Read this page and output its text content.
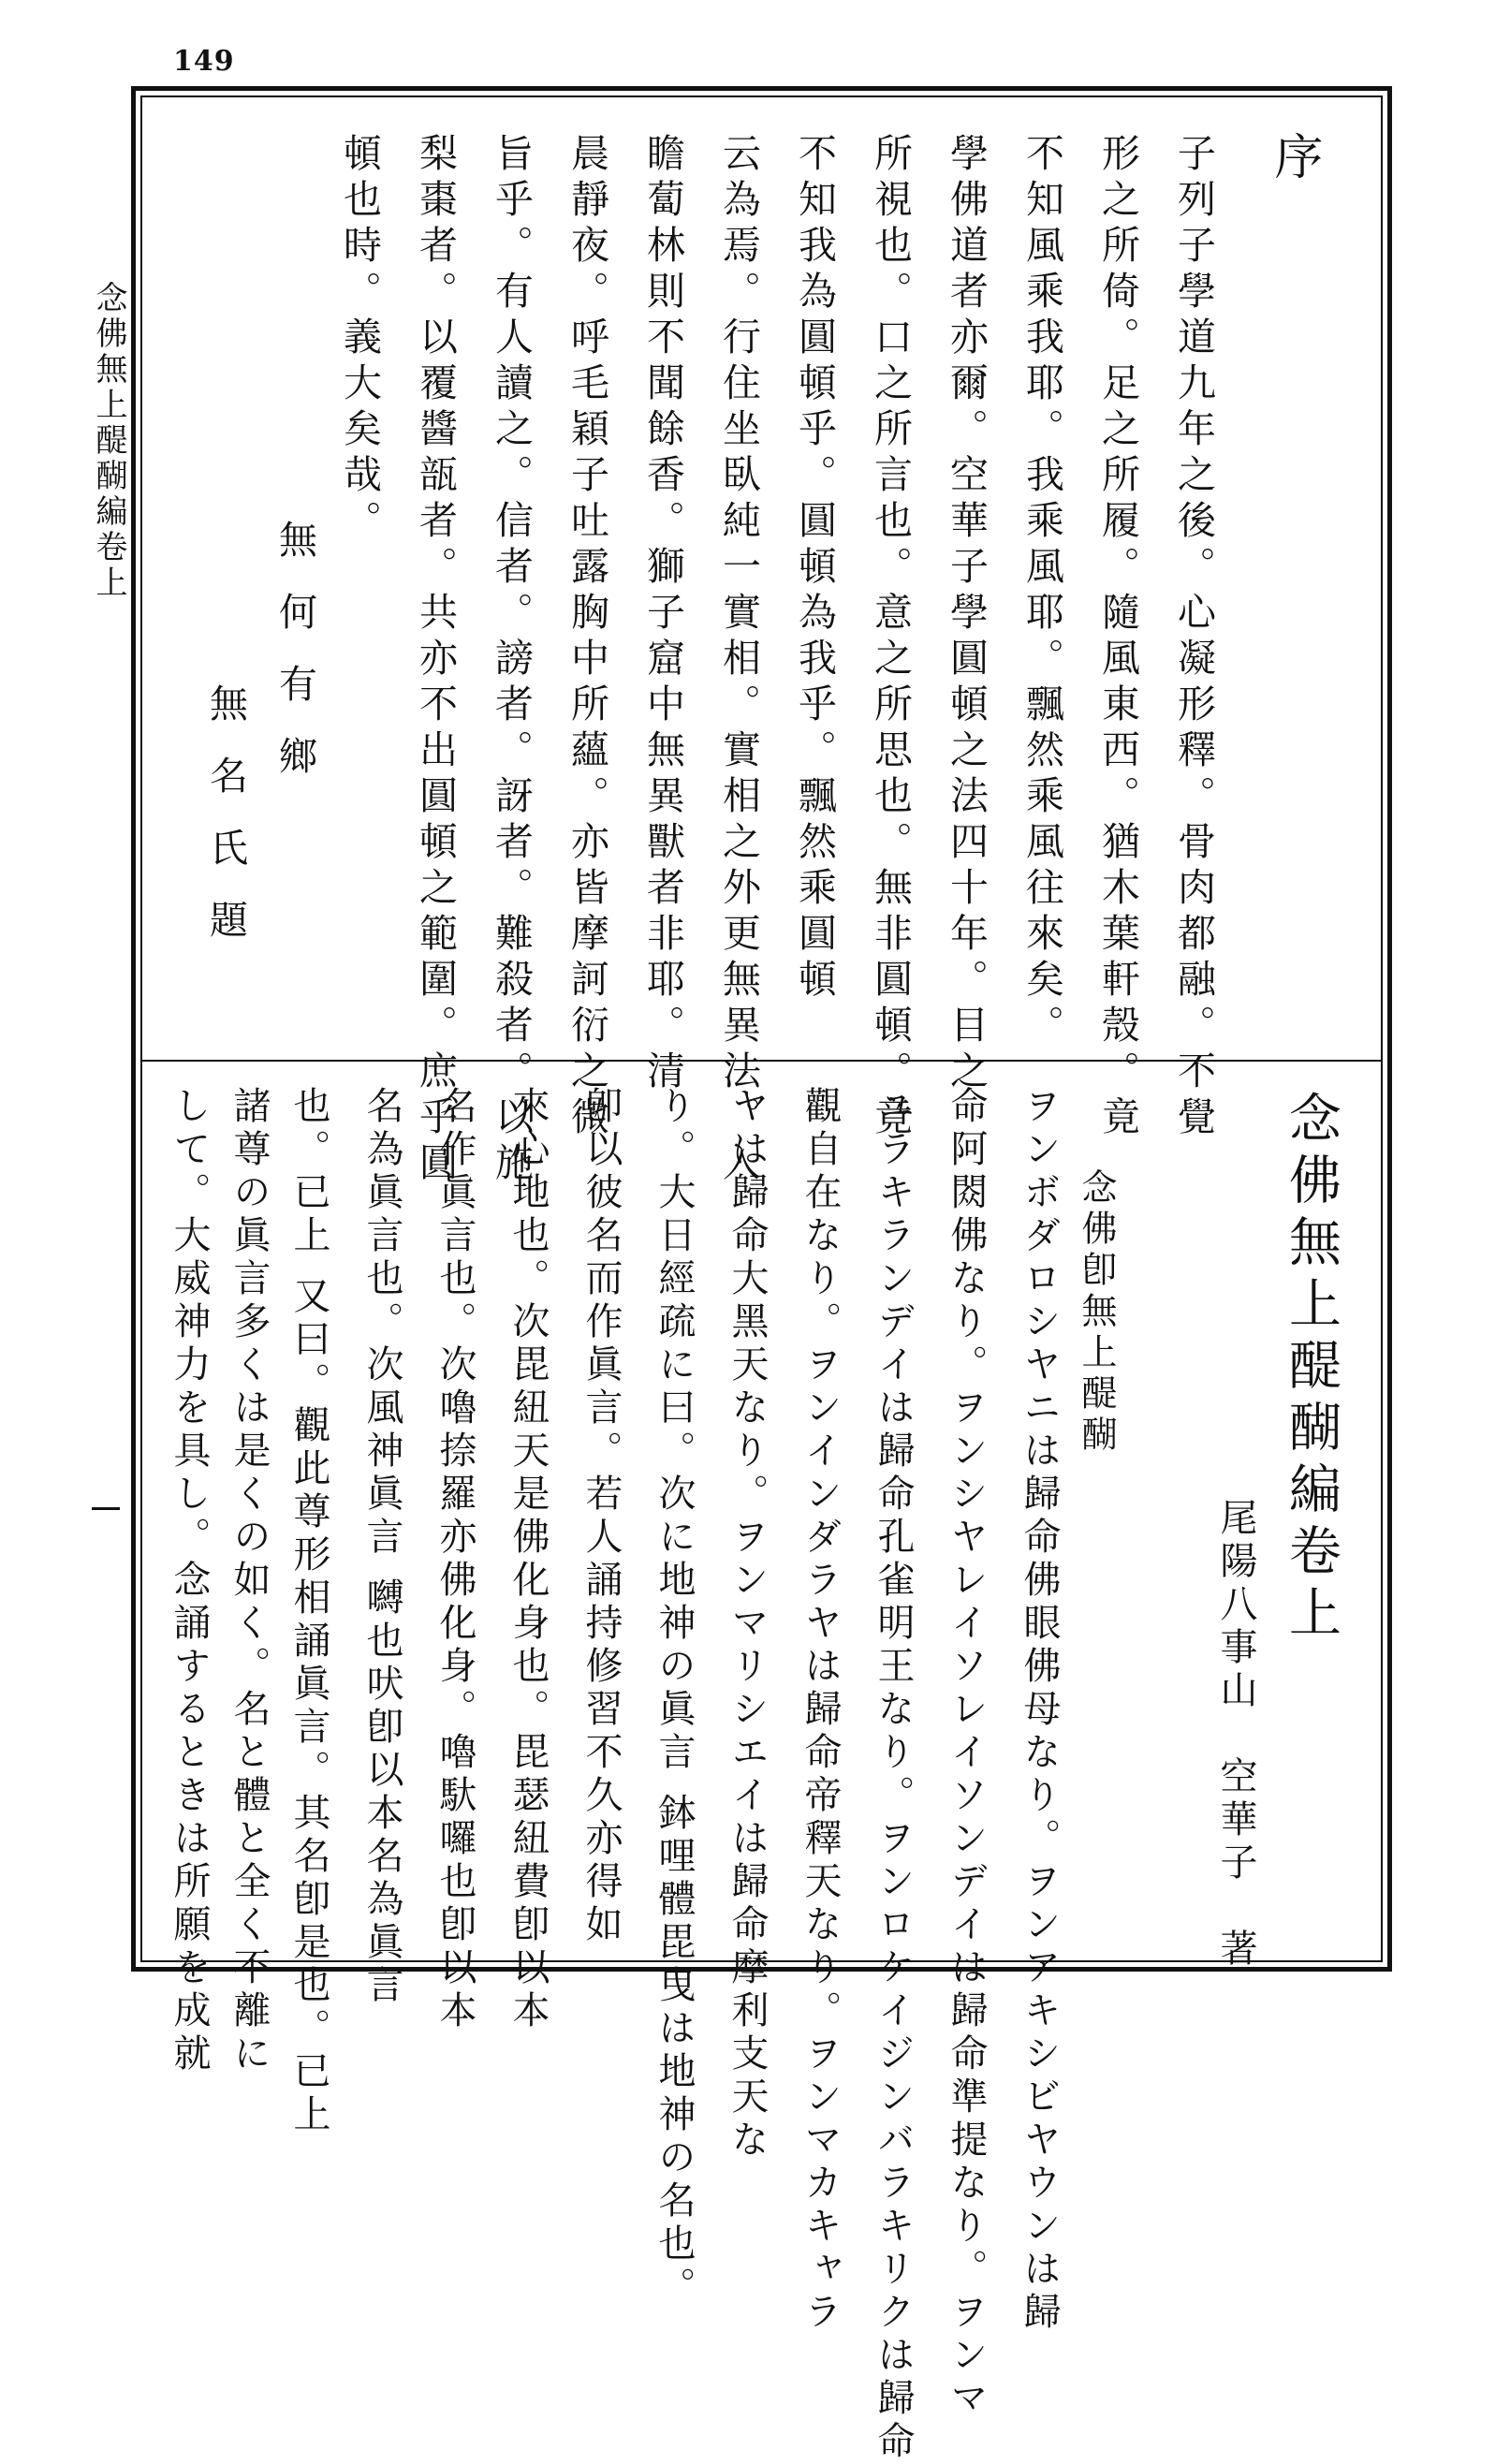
149
念佛無上醍醐編卷上
序
子列子學道九年之後。心凝形釋。骨肉都融。不覺
形之所倚。足之所履。隨風東西。猶木葉軒殼。竟
不知風乘我耶。我乘風耶。飄然乘風往來矣。
學佛道者亦爾。空華子學圓頓之法四十年。目之
所視也。口之所言也。意之所思也。無非圓頓。竟
不知我為圓頓乎。圓頓為我乎。飄然乘圓頓
云為焉。行住坐臥純一實相。實相之外更無異法。入
瞻蔔林則不聞餘香。獅子窟中無異獸者非耶。清
晨靜夜。呼毛穎子吐露胸中所蘊。亦皆摩訶衍之微
旨乎。有人讀之。信者。謗者。訝者。難殺者。以施
梨棗者。以覆醬瓿者。共亦不出圓頓之範圍。庶乎圓
頓也時。義大矣哉。
無何有鄉
無名氏題
念佛無上醍醐編卷上
尾陽八事山　空華子　著
念佛卽無上醍醐
ヲンボダロシヤニは歸命佛眼佛母なり。ヲンアキシビヤウンは歸
命阿閦佛なり。ヲンシヤレイソレイソンデイは歸命準提なり。ヲンマ
ユラキランデイは歸命孔雀明王なり。ヲンロケイジンバラキリクは歸命
觀自在なり。ヲンインダラヤは歸命帝釋天なり。ヲンマカキャラ
ヤは歸命大黑天なり。ヲンマリシエイは歸命摩利支天な
り。大日經疏に曰。次に地神の眞言 鉢哩體毘曳は地神の名也。
卽以彼名而作眞言。若人誦持修習不久亦得如
來心地也。次毘紐天是佛化身也。毘瑟紐費卽以本
名作眞言也。次嚕捺羅亦佛化身。嚕馱囉也卽以本
名為眞言也。次風神眞言 嚩也吠卽以本名為眞言
也。已上 又曰。觀此尊形相誦眞言。其名卽是也。已上
諸尊の眞言多くは是くの如く。名と體と全く不離に
して。大威神力を具し。念誦するときは所願を成就
